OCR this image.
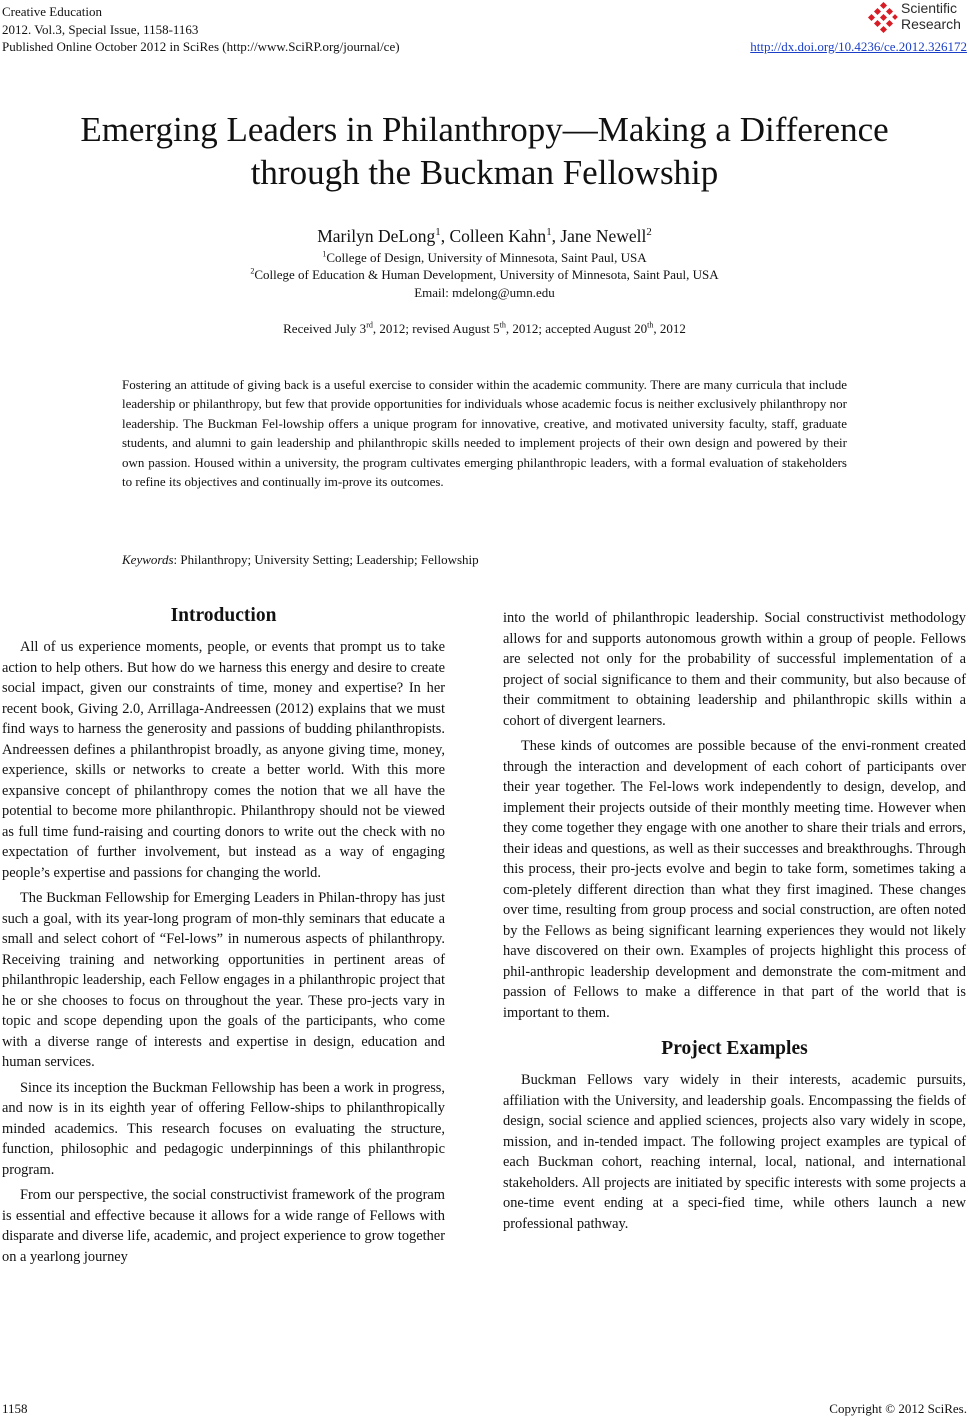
Creative Education
2012. Vol.3, Special Issue, 1158-1163
Published Online October 2012 in SciRes (http://www.SciRP.org/journal/ce)
Scientific
Research
http://dx.doi.org/10.4236/ce.2012.326172
Emerging Leaders in Philanthropy—Making a Difference
through the Buckman Fellowship
Marilyn DeLong$^1$, Colleen Kahn$^1$, Jane Newell$^2$
$^1$College of Design, University of Minnesota, Saint Paul, USA
$^2$College of Education & Human Development, University of Minnesota, Saint Paul, USA
Email: mdelong@umn.edu
Received July 3rd, 2012; revised August 5th, 2012; accepted August 20th, 2012

Fostering an attitude of giving back is a useful exercise to consider within the academic community. There are many curricula that include leadership or philanthropy, but few that provide opportunities for individuals whose academic focus is neither exclusively philanthropy nor leadership. The Buckman Fel-lowship offers a unique program for innovative, creative, and motivated university faculty, staff, graduate students, and alumni to gain leadership and philanthropic skills needed to implement projects of their own design and powered by their own passion. Housed within a university, the program cultivates emerging philanthropic leaders, with a formal evaluation of stakeholders to refine its objectives and continually im-prove its outcomes.

Keywords: Philanthropy; University Setting; Leadership; Fellowship
Introduction

All of us experience moments, people, or events that prompt us to take action to help others. But how do we harness this energy and desire to create social impact, given our constraints of time, money and expertise? In her recent book, Giving 2.0, Arrillaga-Andreessen (2012) explains that we must find ways to harness the generosity and passions of budding philanthropists. Andreessen defines a philanthropist broadly, as anyone giving time, money, experience, skills or networks to create a better world. With this more expansive concept of philanthropy comes the notion that we all have the potential to become more philanthropic. Philanthropy should not be viewed as full time fund-raising and courting donors to write out the check with no expectation of further involvement, but instead as a way of engaging people’s expertise and passions for changing the world.

The Buckman Fellowship for Emerging Leaders in Philan-thropy has just such a goal, with its year-long program of mon-thly seminars that educate a small and select cohort of “Fel-lows” in numerous aspects of philanthropy. Receiving training and networking opportunities in pertinent areas of philanthropic leadership, each Fellow engages in a philanthropic project that he or she chooses to focus on throughout the year. These pro-jects vary in topic and scope depending upon the goals of the participants, who come with a diverse range of interests and expertise in design, education and human services.

Since its inception the Buckman Fellowship has been a work in progress, and now is in its eighth year of offering Fellow-ships to philanthropically minded academics. This research focuses on evaluating the structure, function, philosophic and pedagogic underpinnings of this philanthropic program.

From our perspective, the social constructivist framework of the program is essential and effective because it allows for a wide range of Fellows with disparate and diverse life, academic, and project experience to grow together on a yearlong journey

into the world of philanthropic leadership. Social constructivist methodology allows for and supports autonomous growth within a group of people. Fellows are selected not only for the probability of successful implementation of a project of social significance to them and their community, but also because of their commitment to obtaining leadership and philanthropic skills within a cohort of divergent learners.

These kinds of outcomes are possible because of the envi-ronment created through the interaction and development of each cohort of participants over their year together. The Fel-lows work independently to design, develop, and implement their projects outside of their monthly meeting time. However when they come together they engage with one another to share their trials and errors, their ideas and questions, as well as their successes and breakthroughs. Through this process, their pro-jects evolve and begin to take form, sometimes taking a com-pletely different direction than what they first imagined. These changes over time, resulting from group process and social construction, are often noted by the Fellows as being significant learning experiences they would not likely have discovered on their own. Examples of projects highlight this process of phil-anthropic leadership development and demonstrate the com-mitment and passion of Fellows to make a difference in that part of the world that is important to them.

Project Examples

Buckman Fellows vary widely in their interests, academic pursuits, affiliation with the University, and leadership goals. Encompassing the fields of design, social science and applied sciences, projects also vary widely in scope, mission, and in-tended impact. The following project examples are typical of each Buckman cohort, reaching internal, local, national, and international stakeholders. All projects are initiated by specific interests with some projects a one-time event ending at a speci-fied time, while others launch a new professional pathway.

1158	Copyright © 2012 SciRes.
